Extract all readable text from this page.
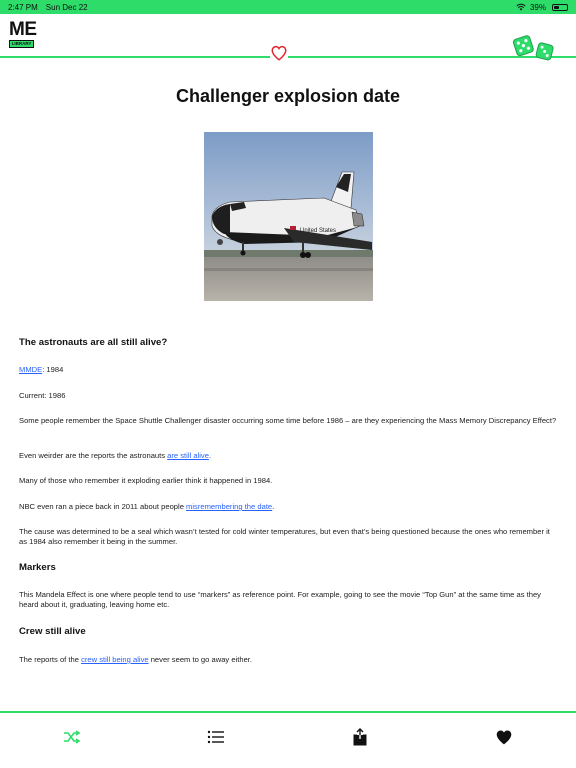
2:47 PM Sun Dec 22	39%
ME
LIBRARY
Challenger explosion date
United States
The astronauts are all still alive?
MMDE: 1984
Current: 1986
Some people remember the Space Shuttle Challenger disaster occurring some time before 1986 – are they experiencing the Mass Memory Discrepancy Effect?
Even weirder are the reports the astronauts are still alive.
Many of those who remember it exploding earlier think it happened in 1984.
NBC even ran a piece back in 2011 about people misremembering the date.
The cause was determined to be a seal which wasn’t tested for cold winter temperatures, but even that’s being questioned because the ones who remember it as 1984 also remember it being in the summer.
Markers
This Mandela Effect is one where people tend to use “markers” as reference point. For example, going to see the movie “Top Gun” at the same time as they heard about it, graduating, leaving home etc.
Crew still alive
The reports of the crew still being alive never seem to go away either.
